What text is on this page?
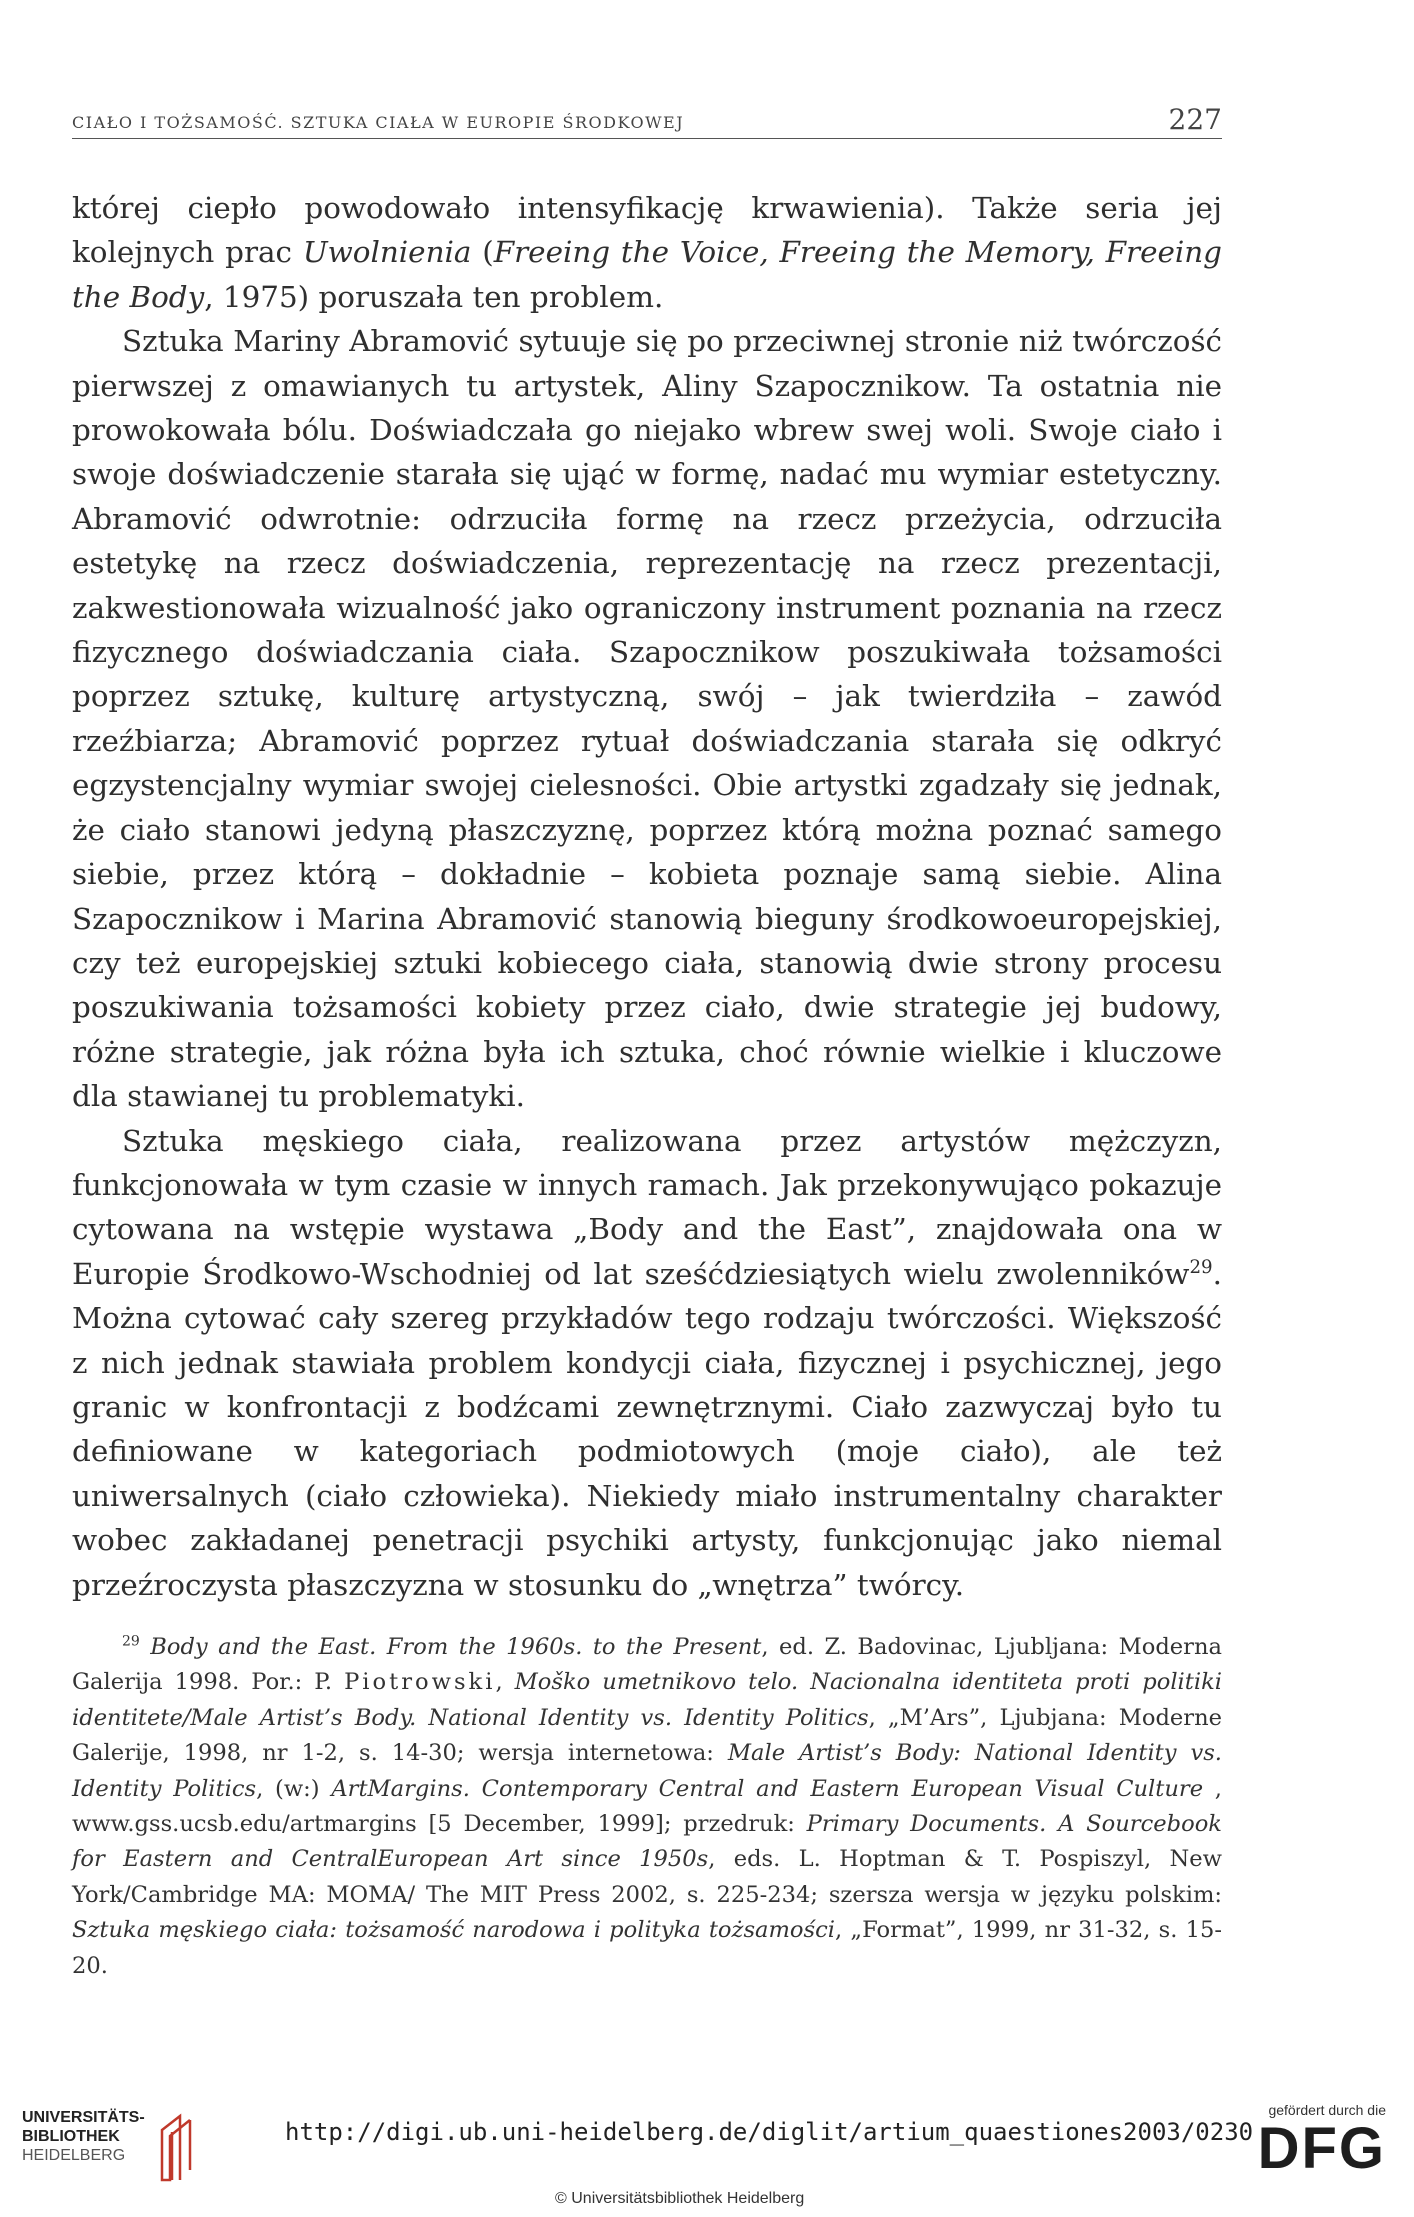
CIAŁO I TOŻSAMOŚĆ. SZTUKA CIAŁA W EUROPIE ŚRODKOWEJ	227

której ciepło powodowało intensyfikację krwawienia). Także seria jej kolejnych prac Uwolnienia (Freeing the Voice, Freeing the Memory, Freeing the Body, 1975) poruszała ten problem.

Sztuka Mariny Abramović sytuuje się po przeciwnej stronie niż twórczość pierwszej z omawianych tu artystek, Aliny Szapocznikow. Ta ostatnia nie prowokowała bólu. Doświadczała go niejako wbrew swej woli. Swoje ciało i swoje doświadczenie starała się ująć w formę, nadać mu wymiar estetyczny. Abramović odwrotnie: odrzuciła formę na rzecz przeżycia, odrzuciła estetykę na rzecz doświadczenia, reprezentację na rzecz prezentacji, zakwestionowała wizualność jako ograniczony instrument poznania na rzecz fizycznego doświadczania ciała. Szapocznikow poszukiwała tożsamości poprzez sztukę, kulturę artystyczną, swój – jak twierdziła – zawód rzeźbiarza; Abramović poprzez rytuał doświadczania starała się odkryć egzystencjalny wymiar swojej cielesności. Obie artystki zgadzały się jednak, że ciało stanowi jedyną płaszczyznę, poprzez którą można poznać samego siebie, przez którą – dokładnie – kobieta poznaje samą siebie. Alina Szapocznikow i Marina Abramović stanowią bieguny środkowoeuropejskiej, czy też europejskiej sztuki kobiecego ciała, stanowią dwie strony procesu poszukiwania tożsamości kobiety przez ciało, dwie strategie jej budowy, różne strategie, jak różna była ich sztuka, choć równie wielkie i kluczowe dla stawianej tu problematyki.

Sztuka męskiego ciała, realizowana przez artystów mężczyzn, funkcjonowała w tym czasie w innych ramach. Jak przekonywująco pokazuje cytowana na wstępie wystawa „Body and the East”, znajdowała ona w Europie Środkowo-Wschodniej od lat sześćdziesiątych wielu zwolenników$^{29}$. Można cytować cały szereg przykładów tego rodzaju twórczości. Większość z nich jednak stawiała problem kondycji ciała, fizycznej i psychicznej, jego granic w konfrontacji z bodźcami zewnętrznymi. Ciało zazwyczaj było tu definiowane w kategoriach podmiotowych (moje ciało), ale też uniwersalnych (ciało człowieka). Niekiedy miało instrumentalny charakter wobec zakładanej penetracji psychiki artysty, funkcjonując jako niemal przeźroczysta płaszczyzna w stosunku do „wnętrza” twórcy.

$^{29}$ Body and the East. From the 1960s. to the Present, ed. Z. Badovinac, Ljubljana: Moderna Galerija 1998. Por.: P. Piotrowski, Moško umetnikovo telo. Nacionalna identiteta proti politiki identitete/Male Artist’s Body. National Identity vs. Identity Politics, „M’Ars”, Ljubjana: Moderne Galerije, 1998, nr 1-2, s. 14-30; wersja internetowa: Male Artist’s Body: National Identity vs. Identity Politics, (w:) ArtMargins. Contemporary Central and Eastern European Visual Culture , www.gss.ucsb.edu/artmargins [5 December, 1999]; przedruk: Primary Documents. A Sourcebook for Eastern and CentralEuropean Art since 1950s, eds. L. Hoptman & T. Pospiszyl, New York/Cambridge MA: MOMA/ The MIT Press 2002, s. 225-234; szersza wersja w języku polskim: Sztuka męskiego ciała: tożsamość narodowa i polityka tożsamości, „Format”, 1999, nr 31-32, s. 15-20.

UNIVERSITÄTS-
BIBLIOTHEK
HEIDELBERG
http://digi.ub.uni-heidelberg.de/diglit/artium_quaestiones2003/0230
© Universitätsbibliothek Heidelberg
gefördert durch die
DFG
